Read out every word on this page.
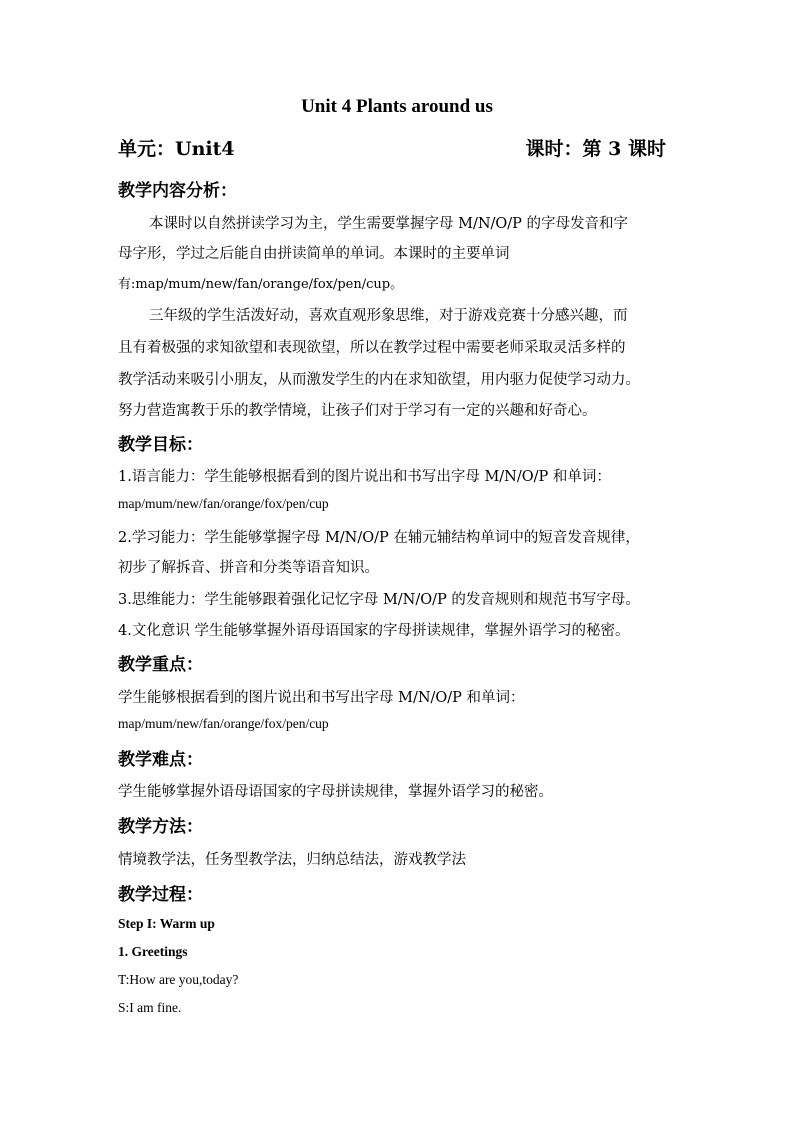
Unit 4 Plants around us
单元：Unit4	课时：第 3 课时
教学内容分析：
本课时以自然拼读学习为主，学生需要掌握字母 M/N/O/P 的字母发音和字
母字形，学过之后能自由拼读简单的单词。本课时的主要单词
有:map/mum/new/fan/orange/fox/pen/cup。
三年级的学生活泼好动，喜欢直观形象思维，对于游戏竞赛十分感兴趣，而
且有着极强的求知欲望和表现欲望，所以在教学过程中需要老师采取灵活多样的
教学活动来吸引小朋友，从而激发学生的内在求知欲望，用内驱力促使学习动力。
努力营造寓教于乐的教学情境，让孩子们对于学习有一定的兴趣和好奇心。
教学目标：
1.语言能力：学生能够根据看到的图片说出和书写出字母 M/N/O/P 和单词：
map/mum/new/fan/orange/fox/pen/cup
2.学习能力：学生能够掌握字母 M/N/O/P 在辅元辅结构单词中的短音发音规律，
初步了解拆音、拼音和分类等语音知识。
3.思维能力：学生能够跟着强化记忆字母 M/N/O/P 的发音规则和规范书写字母。
4.文化意识 学生能够掌握外语母语国家的字母拼读规律，掌握外语学习的秘密。
教学重点：
学生能够根据看到的图片说出和书写出字母 M/N/O/P 和单词：
map/mum/new/fan/orange/fox/pen/cup
教学难点：
学生能够掌握外语母语国家的字母拼读规律，掌握外语学习的秘密。
教学方法：
情境教学法，任务型教学法，归纳总结法，游戏教学法
教学过程：
Step I: Warm up
1. Greetings
T:How are you,today?
S:I am fine.
